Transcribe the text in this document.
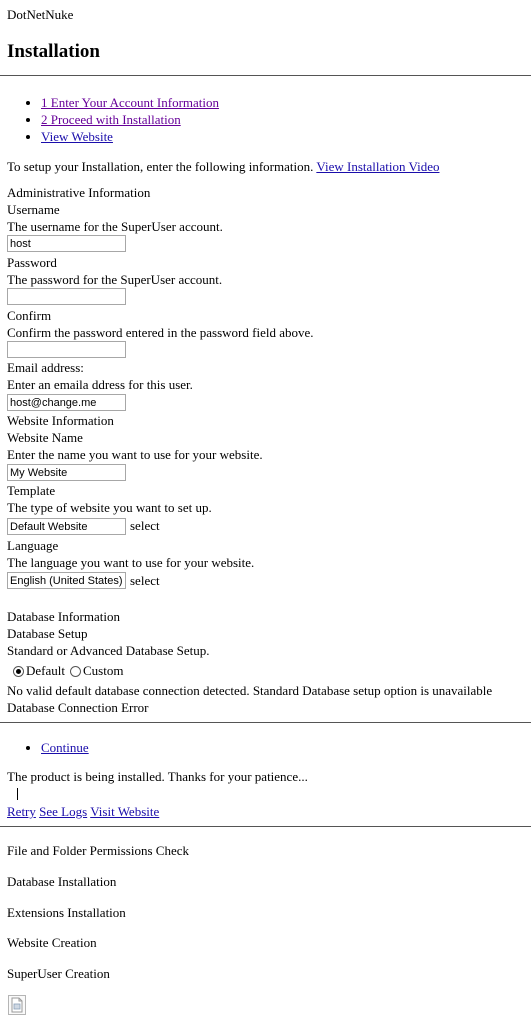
DotNetNuke
Installation
• 1 Enter Your Account Information
• 2 Proceed with Installation
• View Website
To setup your Installation, enter the following information. View Installation Video
Administrative Information
Username
The username for the SuperUser account.
host
Password
The password for the SuperUser account.
Confirm
Confirm the password entered in the password field above.
Email address:
Enter an emaila ddress for this user.
host@change.me
Website Information
Website Name
Enter the name you want to use for your website.
My Website
Template
The type of website you want to set up.
Default Website
select
Language
The language you want to use for your website.
English (United States)
select
Database Information
Database Setup
Standard or Advanced Database Setup.
Default Custom
No valid default database connection detected. Standard Database setup option is unavailable
Database Connection Error
• Continue
The product is being installed. Thanks for your patience...
Retry See Logs Visit Website
File and Folder Permissions Check
Database Installation
Extensions Installation
Website Creation
SuperUser Creation
